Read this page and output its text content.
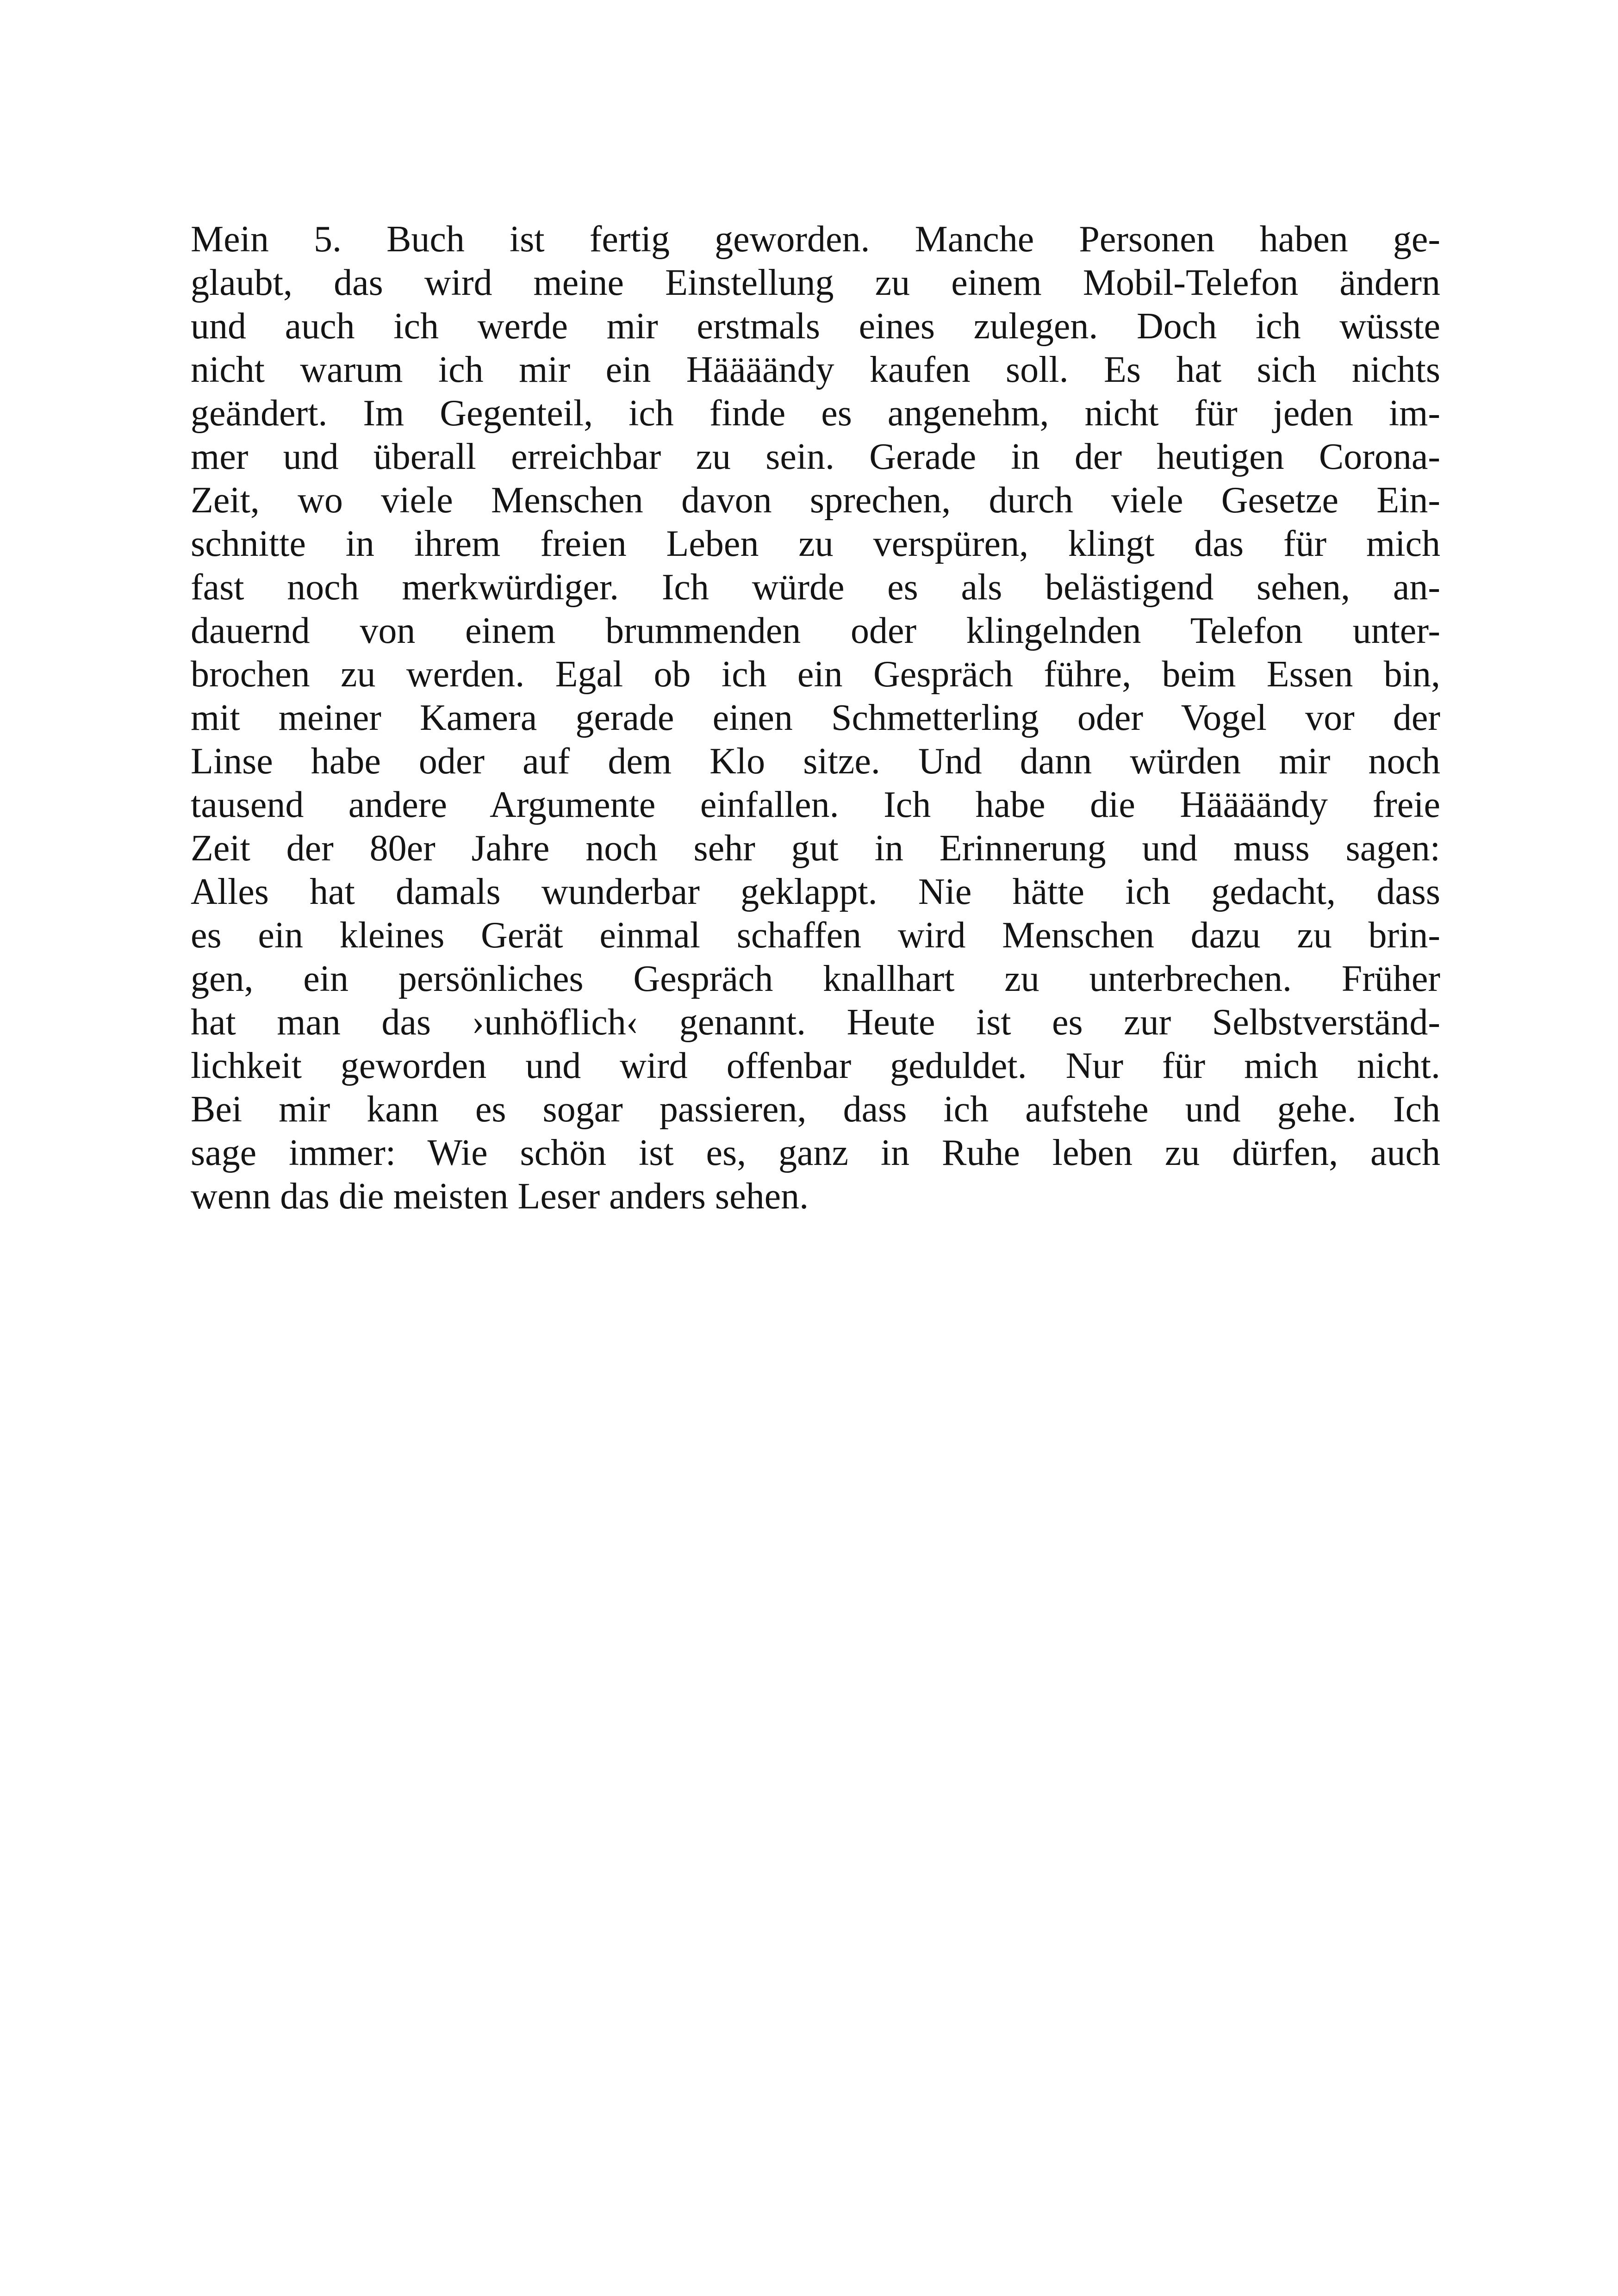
Mein 5. Buch ist fertig geworden. Manche Personen haben ge-
glaubt, das wird meine Einstellung zu einem Mobil-Telefon ändern
und auch ich werde mir erstmals eines zulegen. Doch ich wüsste
nicht warum ich mir ein Häääändy kaufen soll. Es hat sich nichts
geändert. Im Gegenteil, ich finde es angenehm, nicht für jeden im-
mer und überall erreichbar zu sein. Gerade in der heutigen Corona-
Zeit, wo viele Menschen davon sprechen, durch viele Gesetze Ein-
schnitte in ihrem freien Leben zu verspüren, klingt das für mich
fast noch merkwürdiger. Ich würde es als belästigend sehen, an-
dauernd von einem brummenden oder klingelnden Telefon unter-
brochen zu werden. Egal ob ich ein Gespräch führe, beim Essen bin,
mit meiner Kamera gerade einen Schmetterling oder Vogel vor der
Linse habe oder auf dem Klo sitze. Und dann würden mir noch
tausend andere Argumente einfallen. Ich habe die Häääändy freie
Zeit der 80er Jahre noch sehr gut in Erinnerung und muss sagen:
Alles hat damals wunderbar geklappt. Nie hätte ich gedacht, dass
es ein kleines Gerät einmal schaffen wird Menschen dazu zu brin-
gen, ein persönliches Gespräch knallhart zu unterbrechen. Früher
hat man das ›unhöflich‹ genannt. Heute ist es zur Selbstverständ-
lichkeit geworden und wird offenbar geduldet. Nur für mich nicht.
Bei mir kann es sogar passieren, dass ich aufstehe und gehe. Ich
sage immer: Wie schön ist es, ganz in Ruhe leben zu dürfen, auch
wenn das die meisten Leser anders sehen.
